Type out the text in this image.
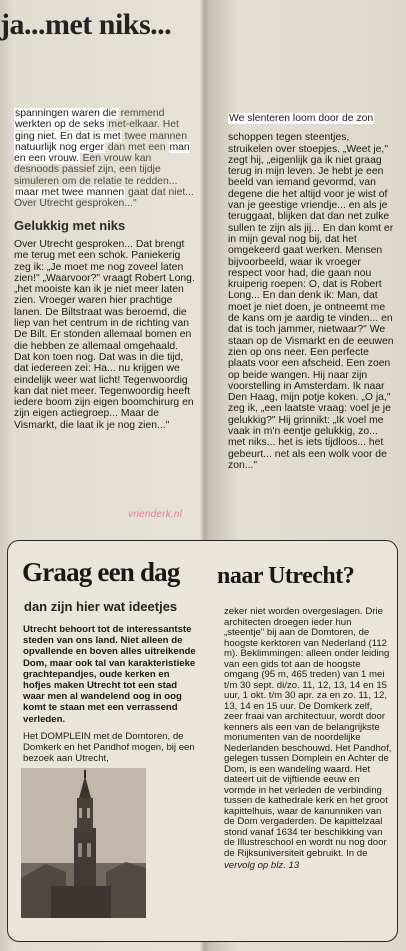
ja...met niks...

spanningen waren die remmend werkten op de seks met-elkaar. Het ging niet. En dat is met twee mannen natuurlijk nog erger dan met een man en een vrouw. Een vrouw kan desnoods passief zijn, een tijdje simuleren om de relatie te redden... maar met twee mannen gaat dat niet... Over Utrecht gesproken..."

Gelukkig met niks

Over Utrecht gesproken... Dat brengt me terug met een schok. Paniekerig zeg ik: „Je moet me nog zoveel laten zien!" „Waarvoor?" vraagt Robert Long. „het mooiste kan ik je niet meer laten zien. Vroeger waren hier prachtige lanen. De Biltstraat was beroemd, die liep van het centrum in de richting van De Bilt. Er stonden allemaal bomen en die hebben ze allemaal omgehaald. Dat kon toen nog. Dat was in die tijd, dat iedereen zei: Ha... nu krijgen we eindelijk weer wat licht! Tegenwoordig kan dat niet meer. Tegenwoordig heeft iedere boom zijn eigen boomchirurg en zijn eigen actiegroep... Maar de Vismarkt, die laat ik je nog zien..."

We slenteren loom door de zon

schoppen tegen steentjes, struikelen over stoepjes. „Weet je," zegt hij, „eigenlijk ga ik niet graag terug in mijn leven. Je hebt je een beeld van iemand gevormd, van degene die het altijd voor je wist of van je geestige vriendje... en als je teruggaat, blijken dat dan net zulke sullen te zijn als jij... En dan komt er in mijn geval nog bij, dat het omgekeerd gaat werken. Mensen bijvoorbeeld, waar ik vroeger respect voor had, die gaan nou kruiperig roepen: O, dat is Robert Long... En dan denk ik: Man, dat moet je niet doen, je ontneemt me de kans om je aardig te vinden... en dat is toch jammer, nietwaar?" We staan op de Vismarkt en de eeuwen zien op ons neer. Een perfecte plaats voor een afscheid. Een zoen op beide wangen. Hij naar zijn voorstelling in Amsterdam. Ik naar Den Haag, mijn potje koken. „O ja," zeg ik, „een laatste vraag: voel je je gelukkig?" Hij grinnikt: „Ik voel me vaak in m'n eentje gelukkig, zo... met niks... het is iets tijdloos... het gebeurt... net als een wolk voor de zon..."

vrienderk.nl
Graag een dag naar Utrecht?
dan zijn hier wat ideetjes

Utrecht behoort tot de interessantste steden van ons land. Niet alleen de opvallende en boven alles uitreikende Dom, maar ook tal van karakteristieke grachtepandjes, oude kerken en hofjes maken Utrecht tot een stad waar men al wandelend oog in oog komt te staan met een verrassend verleden.

Het DOMPLEIN met de Domtoren, de Domkerk en het Pandhof mogen, bij een bezoek aan Utrecht,

zeker niet worden overgeslagen. Drie architecten droegen ieder hun „steentje" bij aan de Domtoren, de hoogste kerktoren van Nederland (112 m). Beklimmingen: alleen onder leiding van een gids tot aan de hoogste omgang (95 m, 465 treden) van 1 mei t/m 30 sept. di/zo. 11, 12, 13, 14 en 15 uur, 1 okt. t/m 30 apr. za en zo. 11, 12, 13, 14 en 15 uur. De Domkerk zelf, zeer fraai van architectuur, wordt door kenners als een van de belangrijkste monumenten van de noordelijke Nederlanden beschouwd. Het Pandhof, gelegen tussen Domplein en Achter de Dom, is een wandeling waard. Het dateert uit de vijftiende eeuw en vormde in het verleden de verbinding tussen de kathedrale kerk en het groot kapittelhuis, waar de kanunniken van de Dom vergaderden. De kapittelzaal stond vanaf 1634 ter beschikking van de Illustreschool en wordt nu nog door de Rijksuniversiteit gebruikt. In de

vervolg op blz. 13
